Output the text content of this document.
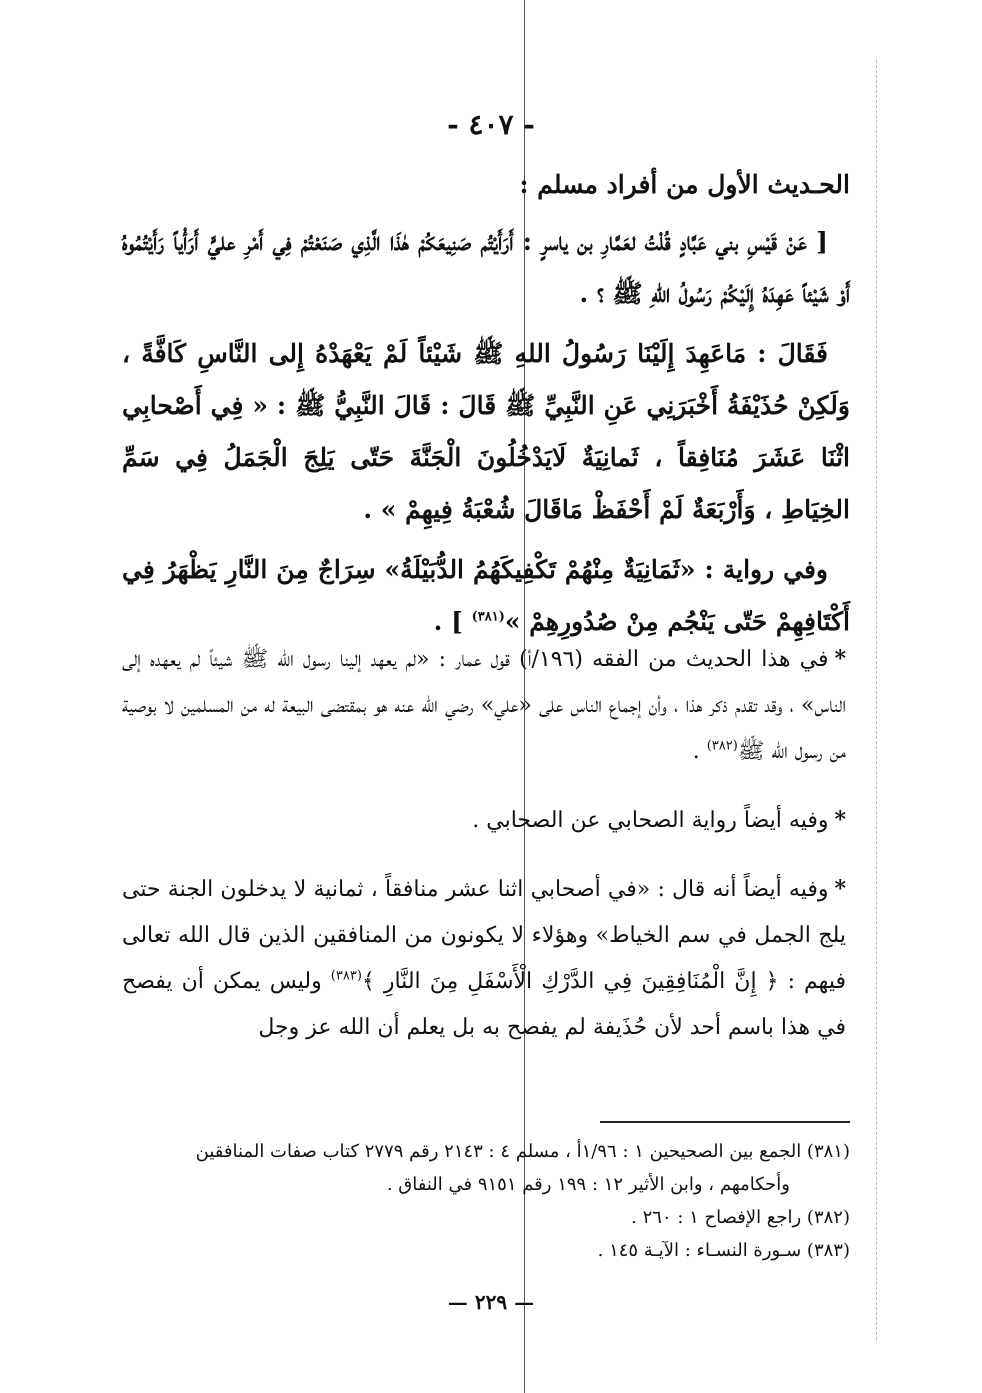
- ٤٠٧ -
الحـديث الأول من أفراد مسلم :

[ عَنْ قَيْسِ بني عَبَّادٍ قُلْتُ لعَمَّارِ بن ياسرٍ : أَرَأَيْتُم صَنِيعَكُمْ هٰذَا الَّذِي صَنَعْتُمْ فِي أَمْرِ عليٍّ أَرَأْياً رَأَيْتُمُوهُ أَوْ شَيْئاً عَهِدَهُ إِلَيْكُمْ رَسُولُ اللهِ ﷺ ؟ .

فَقَالَ : مَاعَهِدَ إِلَيْنَا رَسُولُ اللهِ ﷺ شَيْئاً لَمْ يَعْهَدْهُ إِلى النَّاسِ كَافَّةً ، وَلَكِنْ حُذَيْفَةُ أَخْبَرَنِي عَنِ النَّبِيِّ ﷺ قَالَ : قَالَ النَّبِيُّ ﷺ : « فِي أَصْحابِي اثْنَا عَشَرَ مُنَافِقاً ، ثَمانِيَةٌ لَايَدْخُلُونَ الْجَنَّةَ حَتّى يَلِجَ الْجَمَلُ فِي سَمِّ الخِيَاطِ ، وَأَرْبَعَةٌ لَمْ أَحْفَظْ مَاقَالَ شُعْبَةُ فِيهِمْ » .

وفي رواية : «ثَمَانِيَةٌ مِنْهُمْ تَكْفِيكَهُمُ الدُّبَيْلَةُ» سِرَاجٌ مِنَ النَّارِ يَظْهَرُ فِي أَكْتَافِهِمْ حَتّى يَنْجُم مِنْ صُدُورِهِمْ »$^{(٣٨١)}$ ] .

*في هذا الحديث من الفقه (١٩٦/أ) قول عمار : «لم يعهد إلينا رسول الله ﷺ شيئاً لم يعهده إلى الناس» ، وقد تقدم ذكر هذا ، وأن إجماع الناس على «علي» رضي الله عنه هو بمقتضى البيعة له من المسلمين لا بوصية من رسول الله ﷺ$^{(٣٨٢)}$ .

*وفيه أيضاً رواية الصحابي عن الصحابي .

*وفيه أيضاً أنه قال : «في أصحابي اثنا عشر منافقاً ، ثمانية لا يدخلون الجنة حتى يلج الجمل في سم الخياط» وهؤلاء لا يكونون من المنافقين الذين قال الله تعالى فيهم : ﴿ إِنَّ الْمُنَافِقِينَ فِي الدَّرْكِ الْأَسْفَلِ مِنَ النَّارِ ﴾$^{(٣٨٣)}$ وليس يمكن أن يفصح في هذا باسم أحد لأن حُذَيفة لم يفصح به بل يعلم أن الله عز وجل

(٣٨١) الجمع بين الصحيحين ١ : ١/٩٦أ ، مسلم ٤ : ٢١٤٣ رقم ٢٧٧٩ كتاب صفات المنافقين

وأحكامهم ، وابن الأثير ١٢ : ١٩٩ رقم ٩١٥١ في النفاق .

(٣٨٢) راجع الإفصاح ١ : ٢٦٠ .

(٣٨٣) سـورة النسـاء : الآيـة ١٤٥ .

— ٢٢٩ —
